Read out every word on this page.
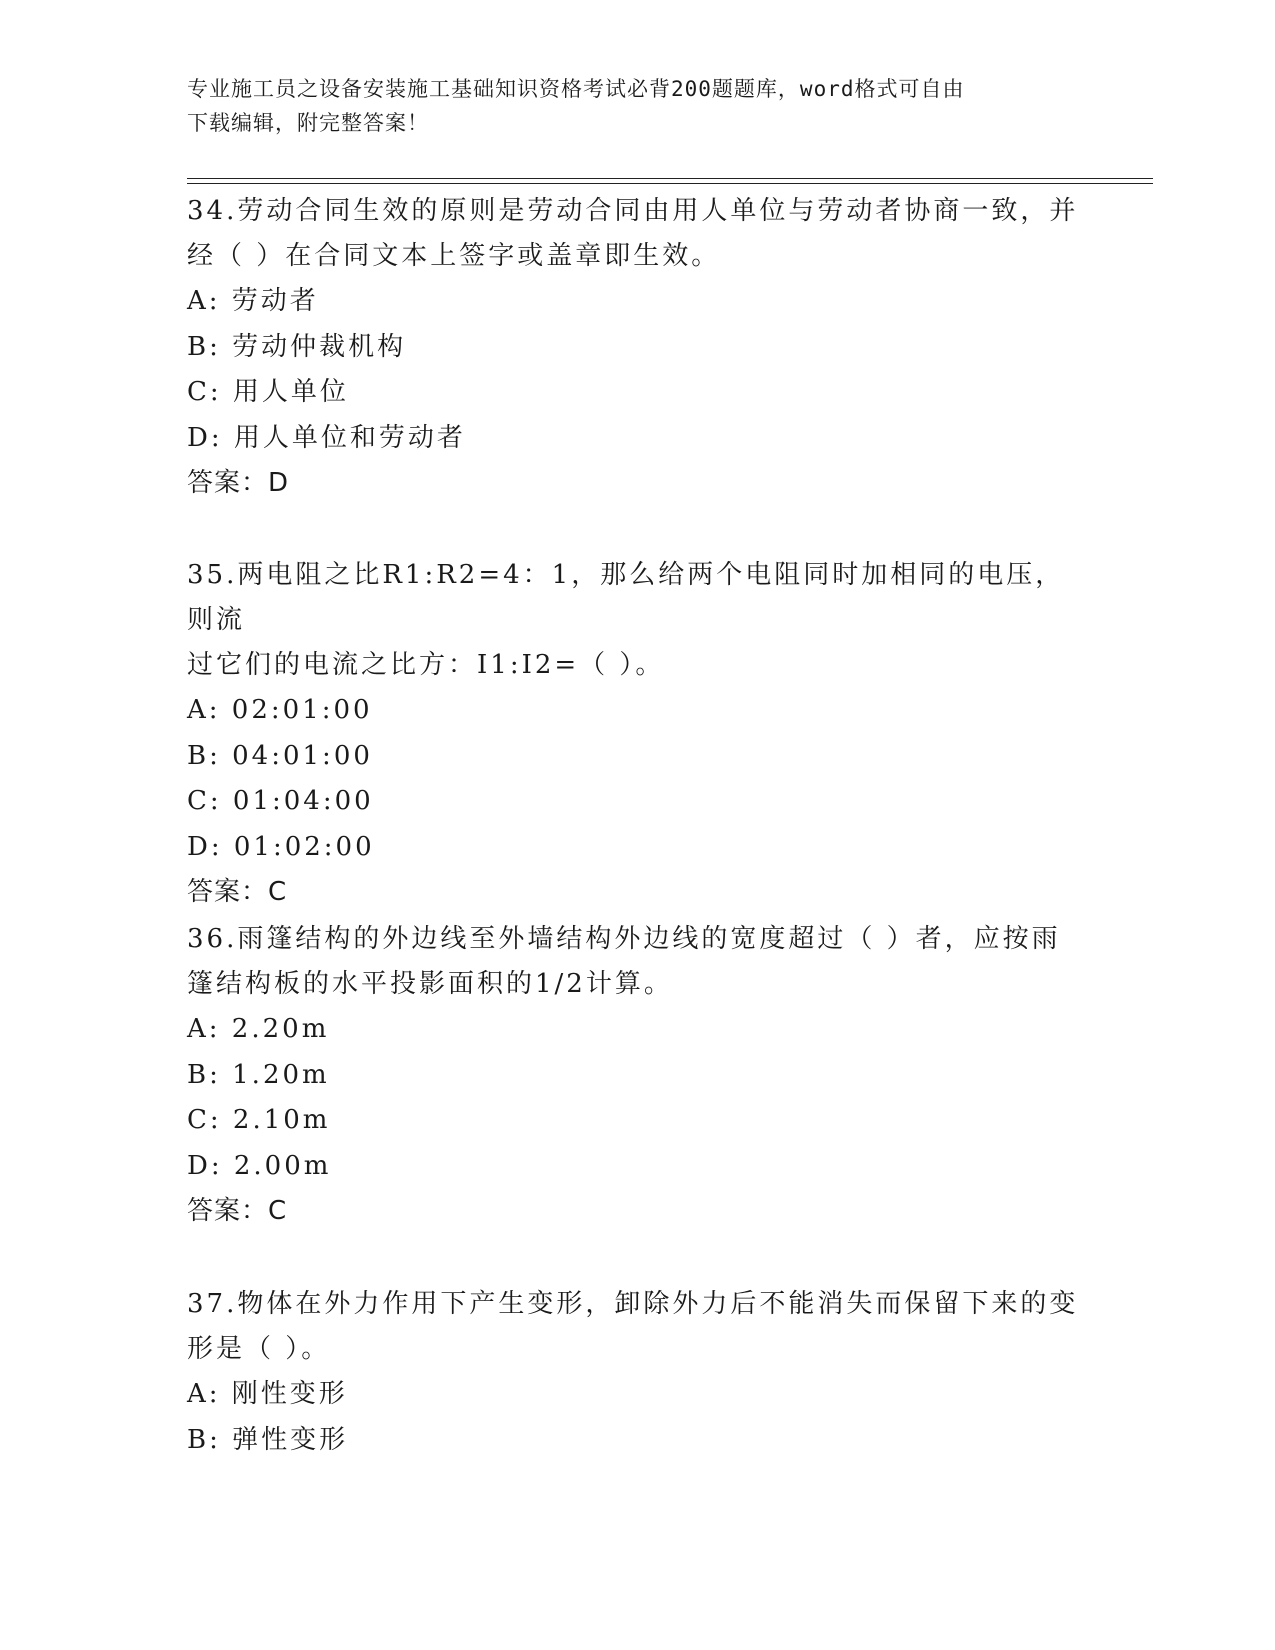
专业施工员之设备安装施工基础知识资格考试必背200题题库，word格式可自由
下载编辑，附完整答案！
34.劳动合同生效的原则是劳动合同由用人单位与劳动者协商一致，并
经（ ）在合同文本上签字或盖章即生效。
A: 劳动者
B: 劳动仲裁机构
C: 用人单位
D: 用人单位和劳动者
答案：D
35.两电阻之比R1:R2=4：1，那么给两个电阻同时加相同的电压，则流
过它们的电流之比方：I1:I2=（ ）。
A: 02:01:00
B: 04:01:00
C: 01:04:00
D: 01:02:00
答案：C
36.雨篷结构的外边线至外墙结构外边线的宽度超过（ ）者，应按雨
篷结构板的水平投影面积的1/2计算。
A: 2.20m
B: 1.20m
C: 2.10m
D: 2.00m
答案：C
37.物体在外力作用下产生变形，卸除外力后不能消失而保留下来的变
形是（ ）。
A: 刚性变形
B: 弹性变形
